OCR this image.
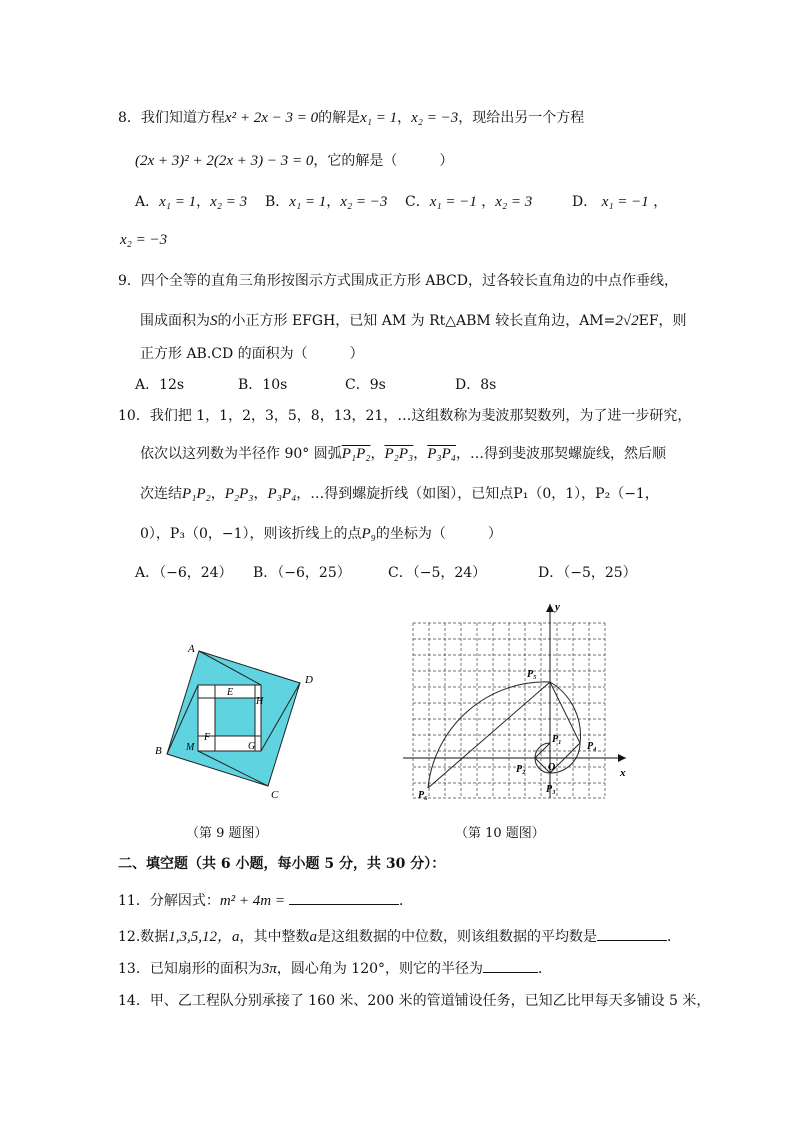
8．我们知道方程x² + 2x − 3 = 0的解是x₁ = 1，x₂ = −3，现给出另一个方程
(2x + 3)² + 2(2x + 3) − 3 = 0，它的解是（　　　）
A．x₁ = 1，x₂ = 3 B．x₁ = 1，x₂ = −3 C．x₁ = −1 ，x₂ = 3	D． x₁ = −1 ，
x₂ = −3
9．四个全等的直角三角形按图示方式围成正方形 ABCD，过各较长直角边的中点作垂线，
围成面积为S的小正方形 EFGH，已知 AM 为 Rt△ABM 较长直角边，AM=2√2EF，则
正方形 AB.CD 的面积为（　　　）
A．12s	B．10s	C．9s	D．8s
10．我们把 1，1，2，3，5，8，13，21，…这组数称为斐波那契数列，为了进一步研究，
依次以这列数为半径作 90° 圆弧P₁P₂，P₂P₃，P₃P₄，…得到斐波那契螺旋线，然后顺
次连结P₁P₂，P₂P₃，P₃P₄，…得到螺旋折线（如图），已知点P₁（0，1），P₂（−1，
0），P₃（0，−1），则该折线上的点P₉的坐标为（　　　）
A．（−6，24） B．（−6，25）	C．（−5，24）	D．（−5，25）
A
B
C
D
E
F
G
H
M
（第 9 题图）
x
y
O
P₁
P₂
P₃
P₄
P₅
P₆
（第 10 题图）
二、填空题（共 6 小题，每小题 5 分，共 30 分）：
11．分解因式：m² + 4m =	．
12.数据1,3,5,12，a，其中整数a是这组数据的中位数，则该组数据的平均数是	．
13．已知扇形的面积为3π，圆心角为 120°，则它的半径为	．
14．甲、乙工程队分别承接了 160 米、200 米的管道铺设任务，已知乙比甲每天多铺设 5 米，
